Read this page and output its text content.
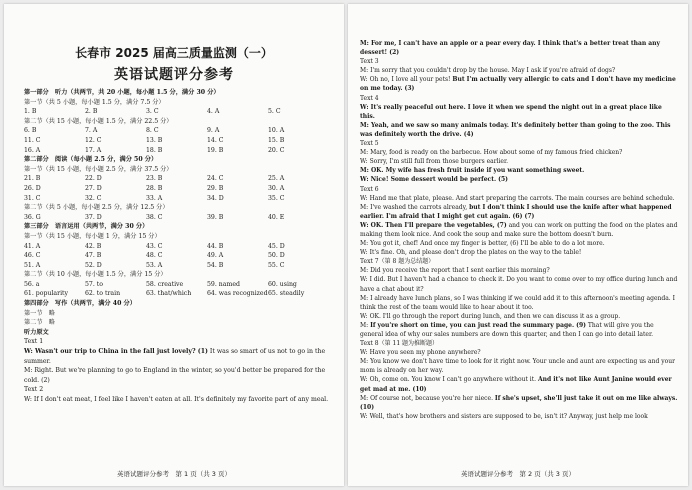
长春市 2025 届高三质量监测（一）
英语试题评分参考
第一部分　听力（共两节，共 20 小题，每小题 1.5 分，满分 30 分）
第一节（共 5 小题，每小题 1.5 分，满分 7.5 分）
1. B	2. B	3. C	4. A	5. C
第二节（共 15 小题，每小题 1.5 分，满分 22.5 分）
6. B	7. A	8. C	9. A	10. A
11. C	12. C	13. B	14. C	15. B
16. A	17. A	18. B	19. B	20. C
第二部分　阅读（每小题 2.5 分，满分 50 分）
第一节（共 15 小题，每小题 2.5 分，满分 37.5 分）
21. B	22. D	23. B	24. C	25. A
26. D	27. D	28. B	29. B	30. A
31. C	32. C	33. A	34. D	35. C
第二节（共 5 小题，每小题 2.5 分，满分 12.5 分）
36. G	37. D	38. C	39. B	40. E
第三部分　语言运用（共两节，满分 30 分）
第一节（共 15 小题，每小题 1 分，满分 15 分）
41. A	42. B	43. C	44. B	45. D
46. C	47. B	48. C	49. A	50. D
51. A	52. D	53. A	54. B	55. C
第二节（共 10 小题，每小题 1.5 分，满分 15 分）
56. a	57. to	58. creative	59. named	60. using
61. popularity	62. to train	63. that/which	64. was recognized 65. steadily
第四部分　写作（共两节，满分 40 分）
第一节　略
第二节　略
听力原文
Text 1

W: Wasn't our trip to China in the fall just lovely? (1) It was so smart of us not to go in the summer.

M: Right. But we're planning to go to England in the winter, so you'd better be prepared for the cold. (2)

Text 2

W: If I don't eat meat, I feel like I haven't eaten at all. It's definitely my favorite part of any meal.

英语试题评分参考　第 1 页（共 3 页）

M: For me, I can't have an apple or a pear every day. I think that's a better treat than any dessert! (2)

Text 3

M: I'm sorry that you couldn't drop by the house. May I ask if you're afraid of dogs?

W: Oh no, I love all your pets! But I'm actually very allergic to cats and I don't have my medicine on me today. (3)

Text 4

W: It's really peaceful out here. I love it when we spend the night out in a great place like this.

M: Yeah, and we saw so many animals today. It's definitely better than going to the zoo. This was definitely worth the drive. (4)

Text 5

M: Mary, food is ready on the barbecue. How about some of my famous fried chicken?

W: Sorry, I'm still full from those burgers earlier.

M: OK. My wife has fresh fruit inside if you want something sweet.

W: Nice! Some dessert would be perfect. (5)

Text 6

W: Hand me that plate, please. And start preparing the carrots. The main courses are behind schedule.

M: I've washed the carrots already, but I don't think I should use the knife after what happened earlier. I'm afraid that I might get cut again. (6) (7)

W: OK. Then I'll prepare the vegetables, (7) and you can work on putting the food on the plates and making them look nice. And cook the soup and make sure the bottom doesn't burn.

M: You got it, chef! And once my finger is better, (6) I'll be able to do a lot more.

W: It's fine. Oh, and please don't drop the plates on the way to the table!

Text 7（第 8 题为总结题）

M: Did you receive the report that I sent earlier this morning?

W: I did. But I haven't had a chance to check it. Do you want to come over to my office during lunch and have a chat about it?

M: I already have lunch plans, so I was thinking if we could add it to this afternoon's meeting agenda. I think the rest of the team would like to hear about it too.

W: OK. I'll go through the report during lunch, and then we can discuss it as a group.

M: If you're short on time, you can just read the summary page. (9) That will give you the general idea of why our sales numbers are down this quarter, and then I can go into detail later.

Text 8（第 11 题为推断题）

W: Have you seen my phone anywhere?

M: You know we don't have time to look for it right now. Your uncle and aunt are expecting us and your mom is already on her way.

W: Oh, come on. You know I can't go anywhere without it. And it's not like Aunt Janine would ever get mad at me. (10)

M: Of course not, because you're her niece. If she's upset, she'll just take it out on me like always. (10)

W: Well, that's how brothers and sisters are supposed to be, isn't it? Anyway, just help me look

英语试题评分参考　第 2 页（共 3 页）
